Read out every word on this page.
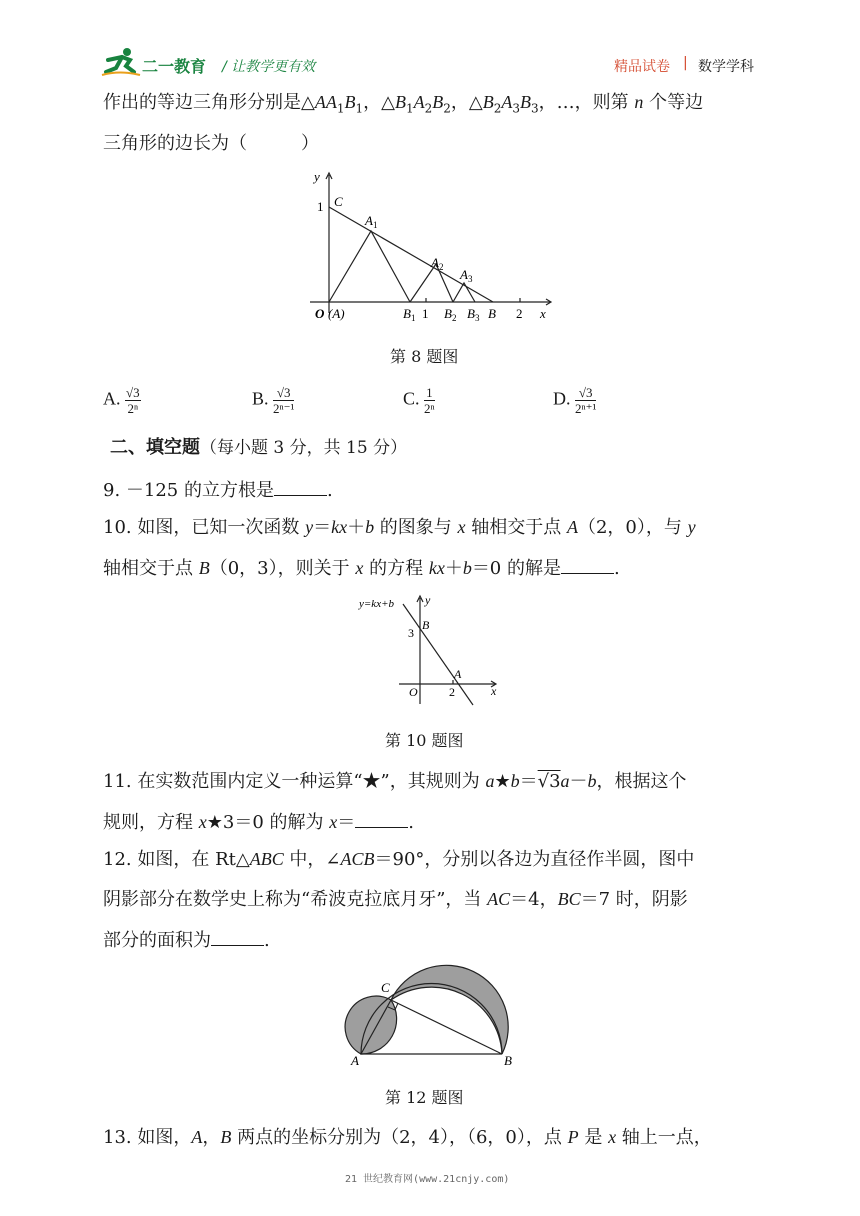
二一教育 / 让教学更有效	精品试卷 | 数学学科
作出的等边三角形分别是$\triangle AA_1B_1$，$\triangle B_1A_2B_2$，$\triangle B_2A_3B_3$，…，则第 n 个等边
三角形的边长为（　　　）
y
1 C
$A_1$
$A_2$ $A_3$
O (A)	$B_1$ 1 $B_2$ $B_3$ B 2 x
第 8 题图
A. $\frac{√3}{\text{2ⁿ}}$	B. $\frac{√3}{\text{2ⁿ⁻¹}}$	C. $\frac{1}{\text{2ⁿ}}$	D. $\frac{√3}{\text{2ⁿ⁺¹}}$
二、填空题（每小题 3 分，共 15 分）
9. －125 的立方根是	.
10. 如图，已知一次函数 y＝kx＋b 的图象与 x 轴相交于点 A（2，0），与 y
轴相交于点 B（0，3），则关于 x 的方程 kx＋b＝0 的解是	.
y=kx+b	y
3
B
A
O	2	x
第 10 题图
11. 在实数范围内定义一种运算“★”，其规则为 a★b＝√3a－b，根据这个
规则，方程 x★3＝0 的解为 x＝	.
12. 如图，在 Rt△ABC 中，∠ACB＝90°，分别以各边为直径作半圆，图中
阴影部分在数学史上称为“希波克拉底月牙”，当 AC＝4，BC＝7 时，阴影
部分的面积为	.
C
A	B
第 12 题图
13. 如图，A，B 两点的坐标分别为（2，4），（6，0），点 P 是 x 轴上一点，
21 世纪教育网(www.21cnjy.com)
